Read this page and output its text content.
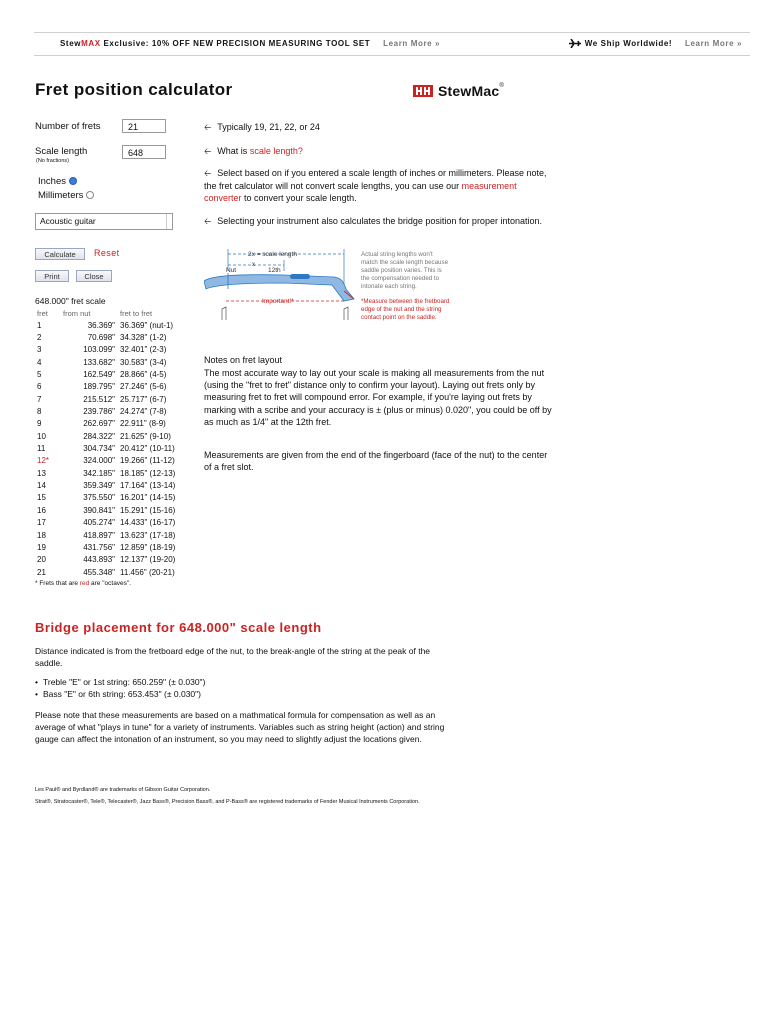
StewMAX Exclusive: 10% OFF NEW PRECISION MEASURING TOOL SET Learn More »	We Ship Worldwide! Learn More »
Fret position calculator	StewMac®
Number of frets	21
Scale length
(No fractions)
648
Inches
Millimeters
Acoustic guitar
Calculate	Reset
Print	Close
648.000" fret scale
fret	from nut	fret to fret
1	36.369"	36.369" (nut-1)
2	70.698"	34.328" (1-2)
3	103.099"	32.401" (2-3)
4	133.682"	30.583" (3-4)
5	162.549"	28.866" (4-5)
6	189.795"	27.246" (5-6)
7	215.512"	25.717" (6-7)
8	239.786"	24.274" (7-8)
9	262.697"	22.911" (8-9)
10	284.322"	21.625" (9-10)
11	304.734"	20.412" (10-11)
12*	324.000"	19.266" (11-12)
13	342.185"	18.185" (12-13)
14	359.349"	17.164" (13-14)
15	375.550"	16.201" (14-15)
16	390.841"	15.291" (15-16)
17	405.274"	14.433" (16-17)
18	418.897"	13.623" (17-18)
19	431.756"	12.859" (18-19)
20	443.893"	12.137" (19-20)
21	455.348"	11.456" (20-21)
* Frets that are red are "octaves".
🡠 Typically 19, 21, 22, or 24
🡠 What is scale length?
🡠 Select based on if you entered a scale length of inches or millimeters. Please note, the fret calculator will not convert scale lengths, you can use our measurement converter to convert your scale length.
🡠 Selecting your instrument also calculates the bridge position for proper intonation.
2x = scale length
x
Nut	12th
Important!*
Actual string lengths won't
match the scale length because
saddle position varies. This is
the compensation needed to
intonate each string.
*Measure between the fretboard
edge of the nut and the string
contact point on the saddle.
Notes on fret layout
The most accurate way to lay out your scale is making all measurements from the nut (using the "fret to fret" distance only to confirm your layout). Laying out frets only by measuring fret to fret will compound error. For example, if you're laying out frets by marking with a scribe and your accuracy is ± (plus or minus) 0.020", you could be off by as much as 1/4" at the 12th fret.
Measurements are given from the end of the fingerboard (face of the nut) to the center of a fret slot.
Bridge placement for 648.000" scale length
Distance indicated is from the fretboard edge of the nut, to the break-angle of the string at the peak of the saddle.
• Treble "E" or 1st string: 650.259" (± 0.030")
• Bass "E" or 6th string: 653.453" (± 0.030")
Please note that these measurements are based on a mathmatical formula for compensation as well as an average of what "plays in tune" for a variety of instruments. Variables such as string height (action) and string gauge can affect the intonation of an instrument, so you may need to slightly adjust the locations given.
Les Paul® and Byrdland® are trademarks of Gibson Guitar Corporation.
Strat®, Stratocaster®, Tele®, Telecaster®, Jazz Bass®, Precision Bass®, and P-Bass® are registered trademarks of Fender Musical Instruments Corporation.
